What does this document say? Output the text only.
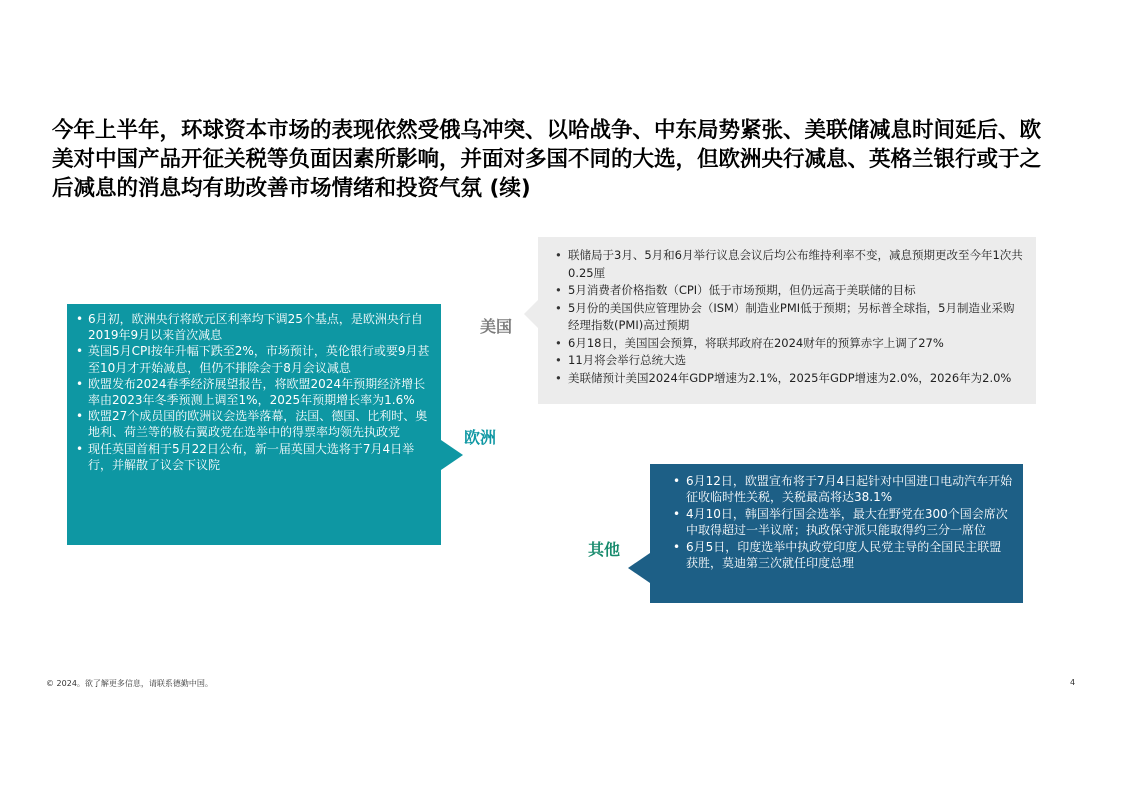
今年上半年，环球资本市场的表现依然受俄乌冲突、以哈战争、中东局势紧张、美联储减息时间延后、欧美对中国产品开征关税等负面因素所影响，并面对多国不同的大选，但欧洲央行减息、英格兰银行或于之后减息的消息均有助改善市场情绪和投资气氛 (续)
美国
• 联储局于3月、5月和6月举行议息会议后均公布维持利率不变，减息预期更改至今年1次共0.25厘
• 5月消费者价格指数（CPI）低于市场预期，但仍远高于美联储的目标
• 5月份的美国供应管理协会（ISM）制造业PMI低于预期；另标普全球指，5月制造业采购经理指数(PMI)高过预期
• 6月18日，美国国会预算，将联邦政府在2024财年的预算赤字上调了27%
• 11月将会举行总统大选
• 美联储预计美国2024年GDP增速为2.1%，2025年GDP增速为2.0%，2026年为2.0%
• 6月初，欧洲央行将欧元区利率均下调25个基点，是欧洲央行自2019年9月以来首次减息
• 英国5月CPI按年升幅下跌至2%，市场预计，英伦银行或要9月甚至10月才开始减息，但仍不排除会于8月会议减息
• 欧盟发布2024春季经济展望报告，将欧盟2024年预期经济增长率由2023年冬季预测上调至1%，2025年预期增长率为1.6%
• 欧盟27个成员国的欧洲议会选举落幕，法国、德国、比利时、奥地利、荷兰等的极右翼政党在选举中的得票率均领先执政党
• 现任英国首相于5月22日公布，新一届英国大选将于7月4日举行，并解散了议会下议院
欧洲
其他
• 6月12日，欧盟宣布将于7月4日起针对中国进口电动汽车开始征收临时性关税，关税最高将达38.1%
• 4月10日，韩国举行国会选举，最大在野党在300个国会席次中取得超过一半议席；执政保守派只能取得约三分一席位
• 6月5日，印度选举中执政党印度人民党主导的全国民主联盟获胜，莫迪第三次就任印度总理
© 2024。欲了解更多信息，请联系德勤中国。	4
